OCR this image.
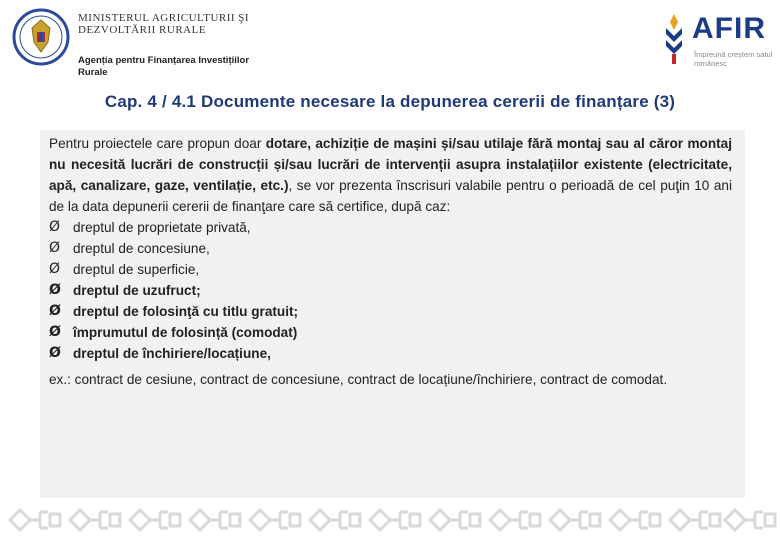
MINISTERUL AGRICULTURII ŞI DEZVOLTĂRII RURALE
Agenția pentru Finanțarea Investițiilor Rurale
AFIR
Împreună creștem satul românesc
Cap. 4 / 4.1 Documente necesare la depunerea cererii de finanțare (3)

Pentru proiectele care propun doar dotare, achiziție de mașini și/sau utilaje fără montaj sau al căror montaj nu necesită lucrări de construcții și/sau lucrări de intervenții asupra instalațiilor existente (electricitate, apă, canalizare, gaze, ventilație, etc.), se vor prezenta înscrisuri valabile pentru o perioadă de cel puţin 10 ani de la data depunerii cererii de finanţare care să certifice, după caz:

Ø dreptul de proprietate privată,
Ø dreptul de concesiune,
Ø dreptul de superficie,
Ø dreptul de uzufruct;
Ø dreptul de folosinţă cu titlu gratuit;
Ø împrumutul de folosință (comodat)
Ø dreptul de închiriere/locațiune,

ex.: contract de cesiune, contract de concesiune, contract de locațiune/închiriere, contract de comodat.
